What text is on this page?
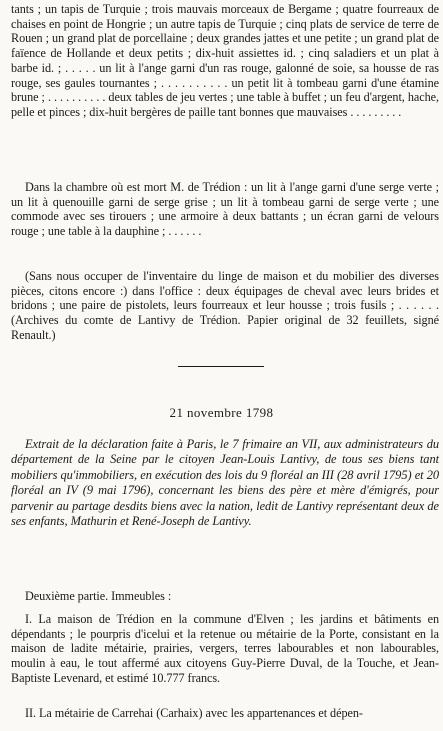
tants ; un tapis de Turquie ; trois mauvais morceaux de Bergame ; quatre fourreaux de chaises en point de Hongrie ; un autre tapis de Turquie ; cinq plats de service de terre de Rouen ; un grand plat de porcellaine ; deux grandes jattes et une petite ; un grand plat de faïence de Hollande et deux petits ; dix-huit assiettes id. ; cinq saladiers et un plat à barbe id. ; . . . . . un lit à l'ange garni d'un ras rouge, galonné de soie, sa housse de ras rouge, ses gaules tournantes ; . . . . . . . . . . un petit lit à tombeau garni d'une étamine brune ; . . . . . . . . . . deux tables de jeu vertes ; une table à buffet ; un feu d'argent, hache, pelle et pinces ; dix-huit bergères de paille tant bonnes que mauvaises . . . . . . . . .

Dans la chambre où est mort M. de Trédion : un lit à l'ange garni d'une serge verte ; un lit à quenouille garni de serge grise ; un lit à tombeau garni de serge verte ; une commode avec ses tirouers ; une armoire à deux battants ; un écran garni de velours rouge ; une table à la dauphine ; . . . . . .

(Sans nous occuper de l'inventaire du linge de maison et du mobilier des diverses pièces, citons encore :) dans l'office : deux équipages de cheval avec leurs brides et bridons ; une paire de pistolets, leurs fourreaux et leur housse ; trois fusils ; . . . . . . (Archives du comte de Lantivy de Trédion. Papier original de 32 feuillets, signé Renault.)

21 novembre 1798

Extrait de la déclaration faite à Paris, le 7 frimaire an VII, aux administrateurs du département de la Seine par le citoyen Jean-Louis Lantivy, de tous ses biens tant mobiliers qu'immobiliers, en exécution des lois du 9 floréal an III (28 avril 1795) et 20 floréal an IV (9 mai 1796), concernant les biens des père et mère d'émigrés, pour parvenir au partage desdits biens avec la nation, ledit de Lantivy représentant deux de ses enfants, Mathurin et René-Joseph de Lantivy.

Deuxième partie. Immeubles :

I. La maison de Trédion en la commune d'Elven ; les jardins et bâtiments en dépendants ; le pourpris d'icelui et la retenue ou métairie de la Porte, consistant en la maison de ladite métairie, prairies, vergers, terres labourables et non labourables, moulin à eau, le tout affermé aux citoyens Guy-Pierre Duval, de la Touche, et Jean-Baptiste Levenard, et estimé 10.777 francs.

II. La métairie de Carrehai (Carhaix) avec les appartenances et dépen-
